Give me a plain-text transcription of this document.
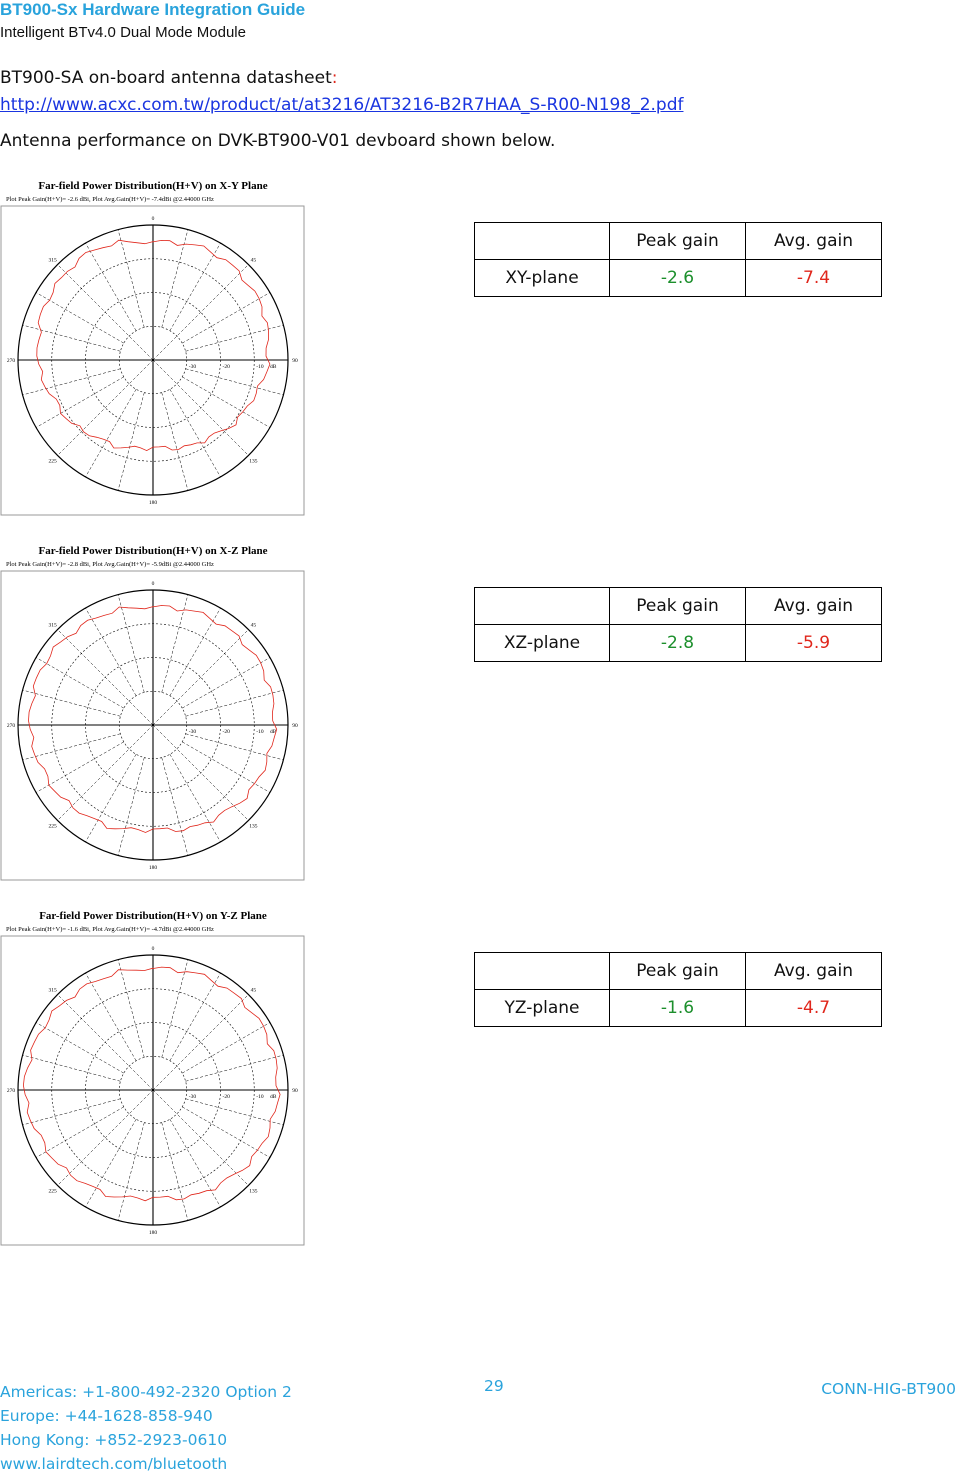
BT900-Sx Hardware Integration Guide
Intelligent BTv4.0 Dual Mode Module
BT900-SA on-board antenna datasheet:
http://www.acxc.com.tw/product/at/at3216/AT3216-B2R7HAA_S-R00-N198_2.pdf
Antenna performance on DVK-BT900-V01 devboard shown below.
Far-field Power Distribution(H+V) on X-Y Plane
Plot Peak Gain(H+V)= -2.6 dBi, Plot Avg.Gain(H+V)= -7.4dBi @2.44000 GHz
0
45
90
135
180
225
270
315
-30	-20	-10 dB
Far-field Power Distribution(H+V) on X-Z Plane
Plot Peak Gain(H+V)= -2.8 dBi, Plot Avg.Gain(H+V)= -5.9dBi @2.44000 GHz
0
45
90
135
180
225
270
315
-30	-20	-10 dB
Far-field Power Distribution(H+V) on Y-Z Plane
Plot Peak Gain(H+V)= -1.6 dBi, Plot Avg.Gain(H+V)= -4.7dBi @2.44000 GHz
0
45
90
135
180
225
270
315
-30	-20	-10 dB
	Peak gain	Avg. gain
XY-plane	-2.6	-7.4
	Peak gain	Avg. gain
XZ-plane	-2.8	-5.9
	Peak gain	Avg. gain
YZ-plane	-1.6	-4.7
Americas: +1-800-492-2320 Option 2
Europe: +44-1628-858-940
Hong Kong: +852-2923-0610
www.lairdtech.com/bluetooth
29	CONN-HIG-BT900
